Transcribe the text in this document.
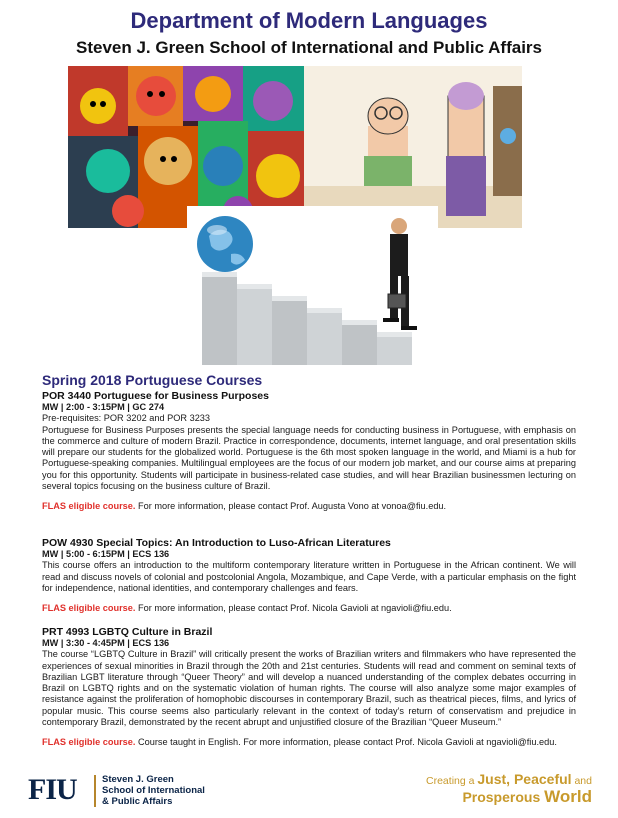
Department of Modern Languages
Steven J. Green School of International and Public Affairs
Spring 2018 Portuguese Courses
POR 3440 Portuguese for Business Purposes
MW | 2:00 - 3:15PM | GC 274
Pre-requisites: POR 3202 and POR 3233
Portuguese for Business Purposes presents the special language needs for conducting business in Portuguese, with emphasis on the commerce and culture of modern Brazil. Practice in correspondence, documents, internet language, and oral presentation skills will prepare our students for the globalized world. Portuguese is the 6th most spoken language in the world, and Miami is a hub for Portuguese-speaking companies. Multilingual employees are the focus of our modern job market, and our course aims at preparing you for this opportunity. Students will participate in business-related case studies, and will hear Brazilian businessmen lecturing on several topics focusing on the business culture of Brazil.
FLAS eligible course. For more information, please contact Prof. Augusta Vono at vonoa@fiu.edu.
POW 4930 Special Topics: An Introduction to Luso-African Literatures
MW | 5:00 - 6:15PM | ECS 136
This course offers an introduction to the multiform contemporary literature written in Portuguese in the African continent. We will read and discuss novels of colonial and postcolonial Angola, Mozambique, and Cape Verde, with a particular emphasis on the fight for independence, national identities, and contemporary challenges and fears.
FLAS eligible course. For more information, please contact Prof. Nicola Gavioli at ngavioli@fiu.edu.
PRT 4993 LGBTQ Culture in Brazil
MW | 3:30 - 4:45PM | ECS 136
The course “LGBTQ Culture in Brazil” will critically present the works of Brazilian writers and filmmakers who have represented the experiences of sexual minorities in Brazil through the 20th and 21st centuries. Students will read and comment on seminal texts of Brazilian LGBT literature through “Queer Theory” and will develop a nuanced understanding of the complex debates occurring in Brazil on LGBTQ rights and on the systematic violation of human rights. The course will also analyze some major examples of resistance against the proliferation of homophobic discourses in contemporary Brazil, such as theatrical pieces, films, and lyrics of popular music. This course seems also particularly relevant in the context of today’s return of conservatism and prejudice in contemporary Brazil, demonstrated by the recent abrupt and unjustified closure of the Brazilian “Queer Museum.”
FLAS eligible course. Course taught in English. For more information, please contact Prof. Nicola Gavioli at ngavioli@fiu.edu.
FIU	Steven J. Green
School of International
& Public Affairs
Creating a Just, Peaceful and
Prosperous World
